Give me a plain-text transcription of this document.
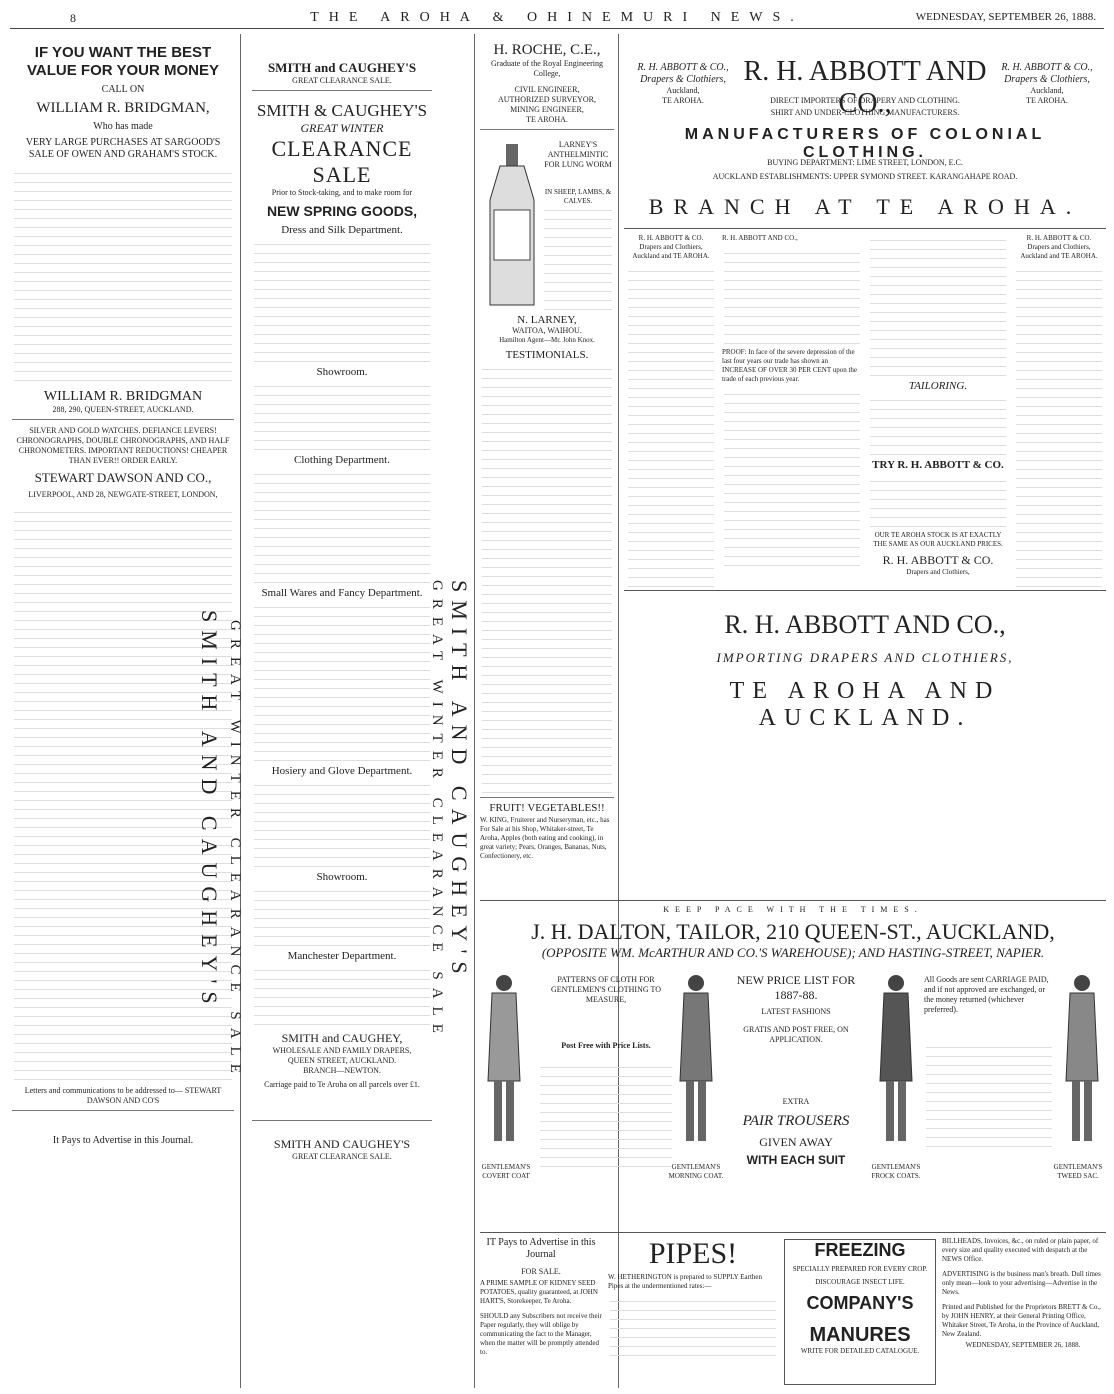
8	THE AROHA & OHINEMURI NEWS.	WEDNESDAY, SEPTEMBER 26, 1888.
IF YOU WANT THE BEST VALUE FOR YOUR MONEY
CALL ON
WILLIAM R. BRIDGMAN,
Who has made
VERY LARGE PURCHASES AT SARGOOD'S SALE OF OWEN AND GRAHAM'S STOCK.
WILLIAM R. BRIDGMAN
288, 290, QUEEN-STREET, AUCKLAND.
SILVER AND GOLD WATCHES. DEFIANCE LEVERS! CHRONOGRAPHS, DOUBLE CHRONOGRAPHS, AND HALF CHRONOMETERS. IMPORTANT REDUCTIONS! CHEAPER THAN EVER!! ORDER EARLY.
STEWART DAWSON AND CO.,
LIVERPOOL, AND 28, NEWGATE-STREET, LONDON,
Letters and communications to be addressed to— STEWART DAWSON AND CO'S
It Pays to Advertise in this Journal.
SMITH AND CAUGHEY'S GREAT WINTER CLEARANCE SALE
SMITH and CAUGHEY'S
GREAT CLEARANCE SALE.
SMITH & CAUGHEY'S
GREAT WINTER
CLEARANCE SALE
Prior to Stock-taking, and to make room for
NEW SPRING GOODS,
Dress and Silk Department.
Showroom.
Clothing Department.
Small Wares and Fancy Department.
Hosiery and Glove Department.
Showroom.
Manchester Department.
SMITH and CAUGHEY,
WHOLESALE AND FAMILY DRAPERS,
QUEEN STREET, AUCKLAND.
BRANCH—NEWTON.
Carriage paid to Te Aroha on all parcels over £1.
SMITH AND CAUGHEY'S
GREAT CLEARANCE SALE.
GREAT WINTER CLEARANCE SALE SMITH AND CAUGHEY'S
H. ROCHE, C.E.,
Graduate of the Royal Engineering College,
CIVIL ENGINEER,
AUTHORIZED SURVEYOR,
MINING ENGINEER,
TE AROHA.
LARNEY'S ANTHELMINTIC FOR LUNG WORM
IN SHEEP, LAMBS, & CALVES.
N. LARNEY,
WAITOA, WAIHOU.
Hamilton Agent—Mr. John Knox.
TESTIMONIALS.
FRUIT! VEGETABLES!!
W. KING, Fruiterer and Nurseryman, etc., has For Sale at his Shop, Whitaker-street, Te Aroha, Apples (both eating and cooking), in great variety; Pears, Oranges, Bananas, Nuts, Confectionery, etc.
R. H. ABBOTT & CO.,
Drapers & Clothiers,
Auckland,
TE AROHA.
R. H. ABBOTT AND CO.,
R. H. ABBOTT & CO.,
Drapers & Clothiers,
Auckland,
TE AROHA.
DIRECT IMPORTERS OF DRAPERY AND CLOTHING.
SHIRT AND UNDER-CLOTHING MANUFACTURERS.
MANUFACTURERS OF COLONIAL CLOTHING.
BUYING DEPARTMENT: LIME STREET, LONDON, E.C.
AUCKLAND ESTABLISHMENTS: UPPER SYMOND STREET. KARANGAHAPE ROAD.
BRANCH AT TE AROHA.
R. H. ABBOTT & CO.
Drapers and Clothiers,
Auckland and TE AROHA.
R. H. ABBOTT AND CO.,
PROOF: In face of the severe depression of the last four years our trade has shown an INCREASE OF OVER 30 PER CENT upon the trade of each previous year.
TAILORING.
TRY R. H. ABBOTT & CO.
OUR TE AROHA STOCK IS AT EXACTLY THE SAME AS OUR AUCKLAND PRICES.
R. H. ABBOTT & CO.
Drapers and Clothiers,
R. H. ABBOTT & CO.
Drapers and Clothiers,
Auckland and TE AROHA.
R. H. ABBOTT AND CO.,
IMPORTING DRAPERS AND CLOTHIERS,
TE AROHA AND AUCKLAND.
KEEP PACE WITH THE TIMES.
J. H. DALTON, TAILOR, 210 QUEEN-ST., AUCKLAND,
(OPPOSITE WM. McARTHUR AND CO.'S WAREHOUSE); AND HASTING-STREET, NAPIER.
GENTLEMAN'S COVERT COAT
GENTLEMAN'S MORNING COAT.
PATTERNS OF CLOTH FOR GENTLEMEN'S CLOTHING TO MEASURE,
Post Free with Price Lists.
NEW PRICE LIST FOR 1887-88.
LATEST FASHIONS
GRATIS AND POST FREE, ON APPLICATION.
EXTRA
PAIR TROUSERS
GIVEN AWAY
WITH EACH SUIT	GENTLEMAN'S FROCK COATS.
All Goods are sent CARRIAGE PAID, and if not approved are exchanged, or the money returned (whichever preferred).
GENTLEMAN'S TWEED SAC.
IT Pays to Advertise in this Journal
FOR SALE.
A PRIME SAMPLE OF KIDNEY SEED POTATOES, quality guaranteed, at JOHN HART'S, Storekeeper, Te Aroha.
SHOULD any Subscribers not receive their Paper regularly, they will oblige by communicating the fact to the Manager, when the matter will be promptly attended to.
PIPES!
W. HETHERINGTON is prepared to SUPPLY Earthen Pipes at the undermentioned rates:—
FREEZING
SPECIALLY PREPARED FOR EVERY CROP.
DISCOURAGE INSECT LIFE.
COMPANY'S
MANURES
WRITE FOR DETAILED CATALOGUE.
BILLHEADS, Invoices, &c., on ruled or plain paper, of every size and quality executed with despatch at the NEWS Office.
ADVERTISING is the business man's breath. Dull times only mean—look to your advertising—Advertise in the News.
Printed and Published for the Proprietors BRETT & Co., by JOHN HENRY, at their General Printing Office, Whitaker Street, Te Aroha, in the Province of Auckland, New Zealand.
WEDNESDAY, SEPTEMBER 26, 1888.
